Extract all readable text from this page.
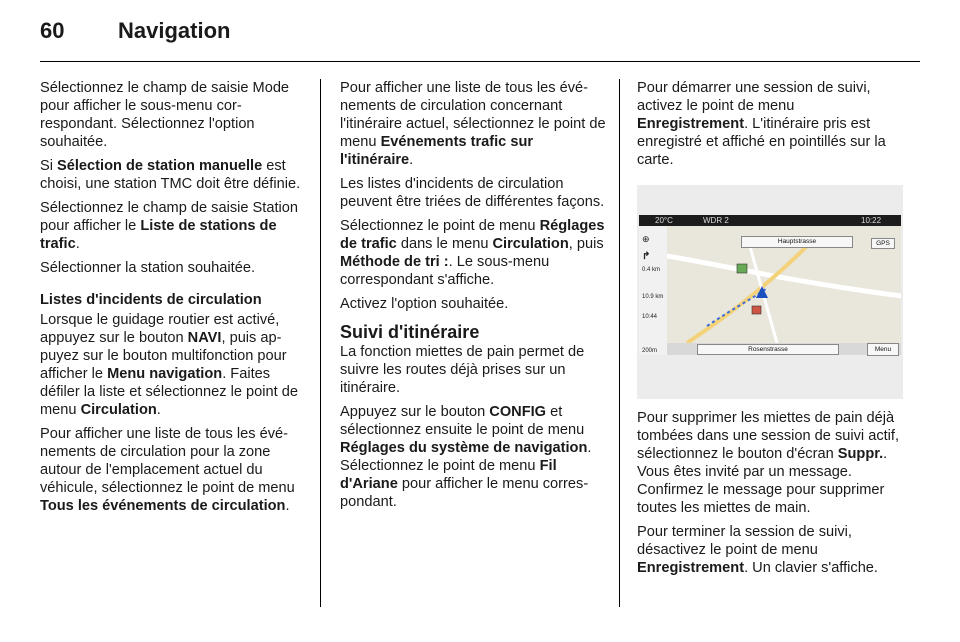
60 Navigation

Sélectionnez le champ de saisie Mode pour afficher le sous-menu correspondant. Sélectionnez l'option souhaitée.

Si Sélection de station manuelle est choisi, une station TMC doit être définie.

Sélectionnez le champ de saisie Station pour afficher le Liste de stations de trafic.

Sélectionner la station souhaitée.

Listes d'incidents de circulation

Lorsque le guidage routier est activé, appuyez sur le bouton NAVI, puis appuyez sur le bouton multifonction pour afficher le Menu navigation. Faites défiler la liste et sélectionnez le point de menu Circulation.

Pour afficher une liste de tous les événements de circulation pour la zone autour de l'emplacement actuel du véhicule, sélectionnez le point de menu Tous les événements de circulation.

Pour afficher une liste de tous les événements de circulation concernant l'itinéraire actuel, sélectionnez le point de menu Evénements trafic sur l'itinéraire.

Les listes d'incidents de circulation peuvent être triées de différentes façons.

Sélectionnez le point de menu Réglages de trafic dans le menu Circulation, puis Méthode de tri :. Le sous-menu correspondant s'affiche.

Activez l'option souhaitée.

Suivi d'itinéraire

La fonction miettes de pain permet de suivre les routes déjà prises sur un itinéraire.

Appuyez sur le bouton CONFIG et sélectionnez ensuite le point de menu Réglages du système de navigation. Sélectionnez le point de menu Fil d'Ariane pour afficher le menu correspondant.

Pour démarrer une session de suivi, activez le point de menu Enregistrement. L'itinéraire pris est enregistré et affiché en pointillés sur la carte.

20°C	WDR 2	10:22
⊕
↱
0.4 km
10.9 km
10:44
200m
Hauptstrasse	GPS
Rosenstrasse	Menu

Pour supprimer les miettes de pain déjà tombées dans une session de suivi actif, sélectionnez le bouton d'écran Suppr.. Vous êtes invité par un message. Confirmez le message pour supprimer toutes les miettes de main.

Pour terminer la session de suivi, désactivez le point de menu Enregistrement. Un clavier s'affiche.
